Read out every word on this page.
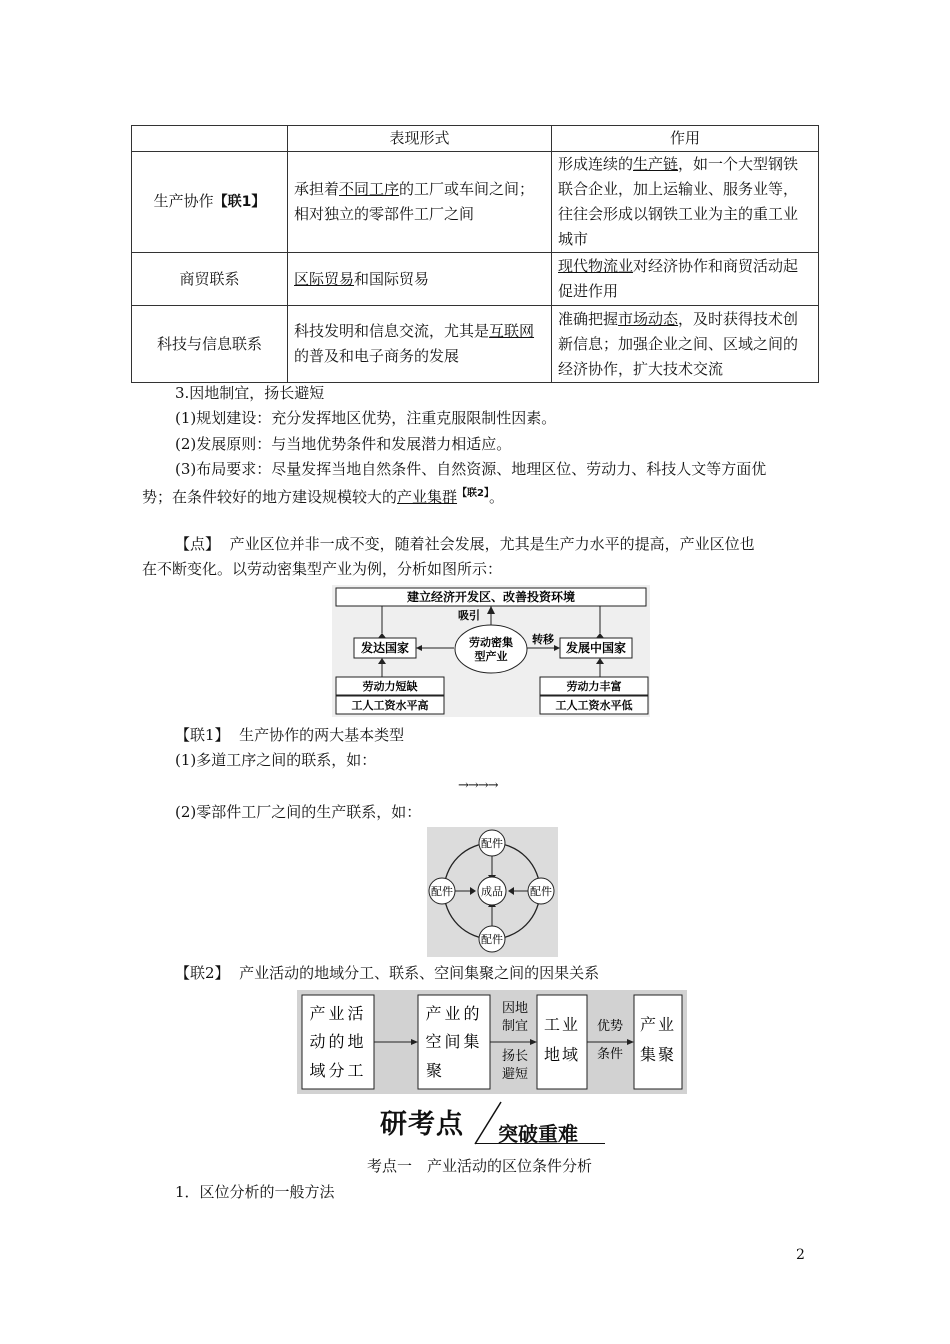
	表现形式	作用
生产协作【联1】	承担着不同工序的工厂或车间之间；相对独立的零部件工厂之间	形成连续的生产链，如一个大型钢铁联合企业，加上运输业、服务业等，往往会形成以钢铁工业为主的重工业城市
商贸联系	区际贸易和国际贸易	现代物流业对经济协作和商贸活动起促进作用
科技与信息联系	科技发明和信息交流，尤其是互联网的普及和电子商务的发展	准确把握市场动态，及时获得技术创新信息；加强企业之间、区域之间的经济协作，扩大技术交流
3.因地制宜，扬长避短
(1)规划建设：充分发挥地区优势，注重克服限制性因素。
(2)发展原则：与当地优势条件和发展潜力相适应。
(3)布局要求：尽量发挥当地自然条件、自然资源、地理区位、劳动力、科技人文等方面优
势；在条件较好的地方建设规模较大的产业集群$^{【联2】}$。
【点】 产业区位并非一成不变，随着社会发展，尤其是生产力水平的提高，产业区位也
在不断变化。以劳动密集型产业为例，分析如图所示：
建立经济开发区、改善投资环境
吸引
发达国家	劳动密集
型产业
转移
发展中国家
劳动力短缺
工人工资水平高
劳动力丰富
工人工资水平低
【联1】 生产协作的两大基本类型
(1)多道工序之间的联系，如：
→→→→
(2)零部件工厂之间的生产联系，如：
配件
配件
配件	配件
成品
【联2】 产业活动的地域分工、联系、空间集聚之间的因果关系
产业活
动的地
域分工
产业的
空间集
聚
因地
制宜
扬长
避短
工业
地域
优势
条件
产业
集聚
研考点 突破重难
考点一　产业活动的区位条件分析
1．区位分析的一般方法
2
